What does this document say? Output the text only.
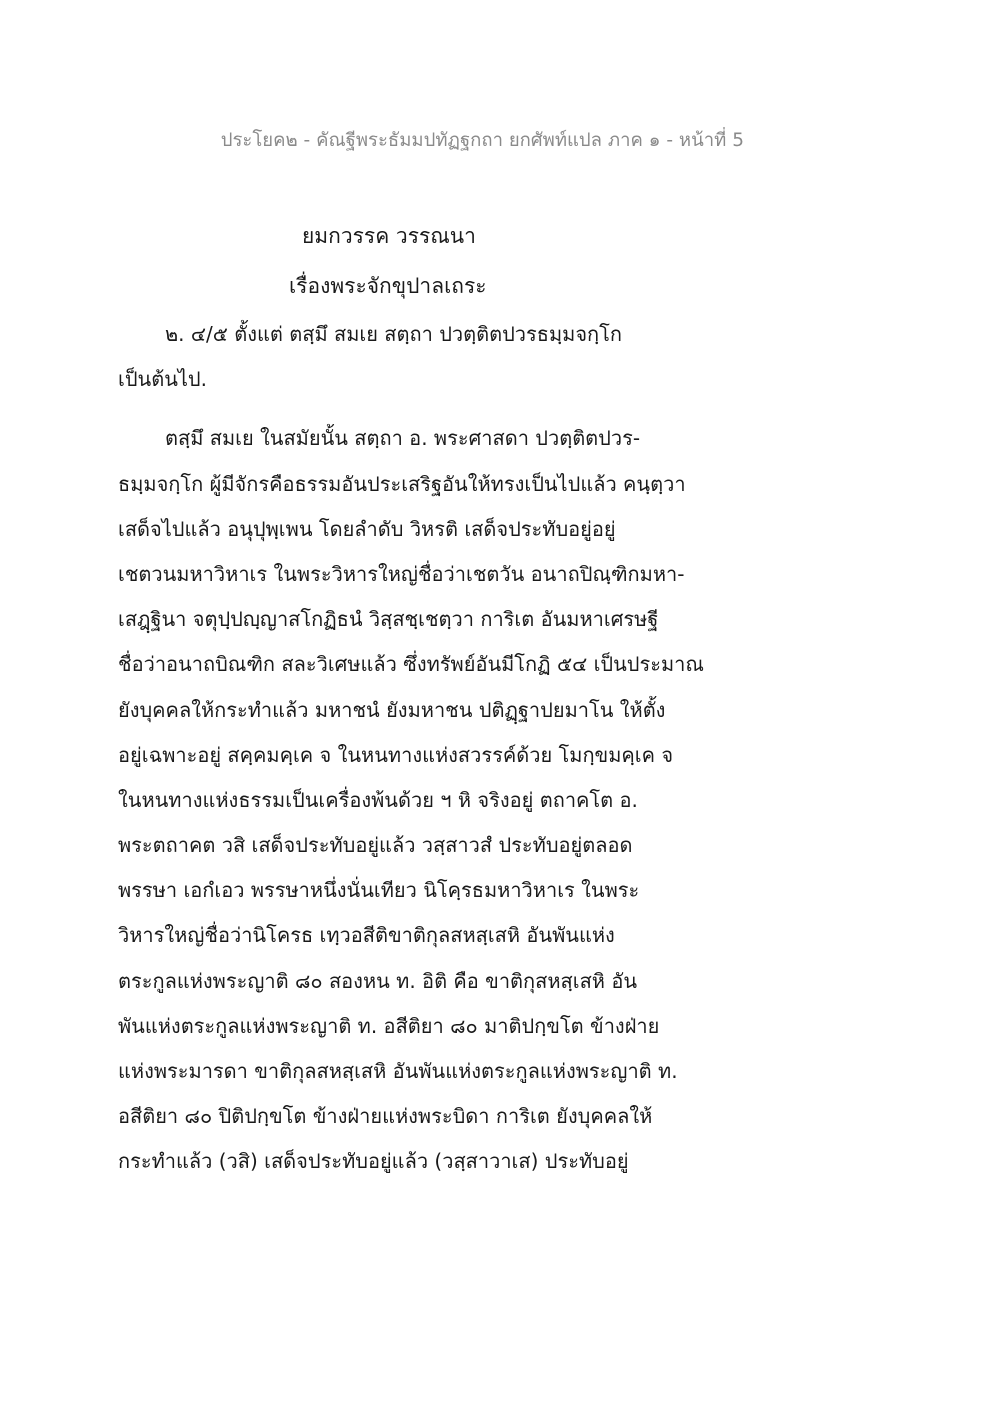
ประโยค๒ - คัณฐีพระธัมมปทัฏฐกถา ยกศัพท์แปล ภาค ๑ - หน้าที่ 5
ยมกวรรค วรรณนา
เรื่องพระจักขุปาลเถระ
๒. ๔/๕ ตั้งแต่ ตสฺมึ สมเย สตฺถา ปวตฺติตปวรธมฺมจกฺโก
เป็นต้นไป.
ตสฺมึ สมเย ในสมัยนั้น สตฺถา อ. พระศาสดา ปวตฺติตปวร-
ธมฺมจกฺโก ผู้มีจักรคือธรรมอันประเสริฐอันให้ทรงเป็นไปแล้ว คนฺตฺวา
เสด็จไปแล้ว อนุปุพฺเพน โดยลำดับ วิหรติ เสด็จประทับอยู่อยู่
เชตวนมหาวิหาเร ในพระวิหารใหญ่ชื่อว่าเชตวัน อนาถปิณฺฑิกมหา-
เสฎฺฐินา จตุปฺปญฺญาสโกฏิธนํ วิสฺสชฺเชตฺวา การิเต อันมหาเศรษฐี
ชื่อว่าอนาถบิณฑิก สละวิเศษแล้ว ซึ่งทรัพย์อันมีโกฏิ ๕๔ เป็นประมาณ
ยังบุคคลให้กระทำแล้ว มหาชนํ ยังมหาชน ปติฏฺฐาปยมาโน ให้ตั้ง
อยู่เฉพาะอยู่ สคฺคมคฺเค จ ในหนทางแห่งสวรรค์ด้วย โมกฺขมคฺเค จ
ในหนทางแห่งธรรมเป็นเครื่องพ้นด้วย ฯ หิ จริงอยู่ ตถาคโต อ.
พระตถาคต วสิ เสด็จประทับอยู่แล้ว วสฺสาวสํ ประทับอยู่ตลอด
พรรษา เอกํเอว พรรษาหนึ่งนั่นเทียว นิโคฺรธมหาวิหาเร ในพระ
วิหารใหญ่ชื่อว่านิโครธ เทฺวอสีติขาติกุลสหสฺเสหิ อันพันแห่ง
ตระกูลแห่งพระญาติ ๘๐ สองหน ท. อิติ คือ ขาติกุสหสฺเสหิ อัน
พันแห่งตระกูลแห่งพระญาติ ท. อสีติยา ๘๐ มาติปกฺขโต ข้างฝ่าย
แห่งพระมารดา ขาติกุลสหสฺเสหิ อันพันแห่งตระกูลแห่งพระญาติ ท.
อสีติยา ๘๐ ปิติปกฺขโต ข้างฝ่ายแห่งพระบิดา การิเต ยังบุคคลให้
กระทำแล้ว (วสิ) เสด็จประทับอยู่แล้ว (วสฺสาวาเส) ประทับอยู่
